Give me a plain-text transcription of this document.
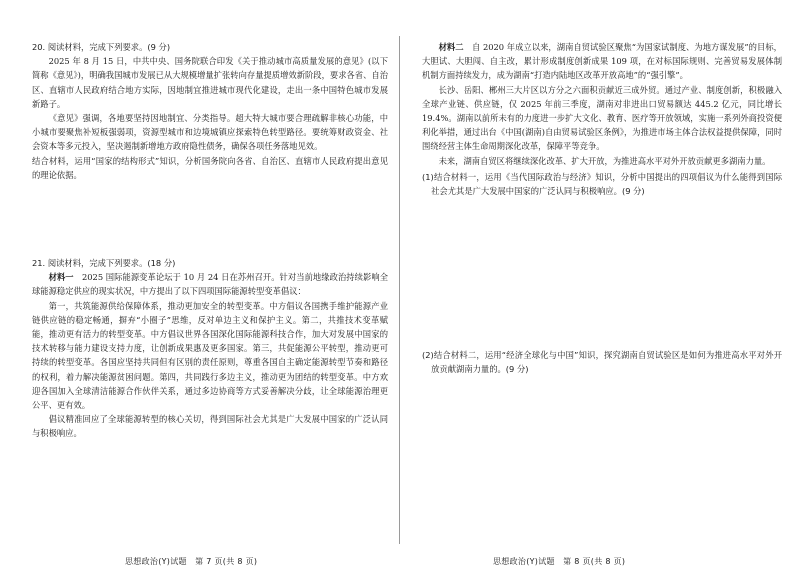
20. 阅读材料，完成下列要求。(9 分)

2025 年 8 月 15 日，中共中央、国务院联合印发《关于推动城市高质量发展的意见》(以下简称《意见》)，明确我国城市发展已从大规模增量扩张转向存量提质增效新阶段，要求各省、自治区、直辖市人民政府结合地方实际，因地制宜推进城市现代化建设，走出一条中国特色城市发展新路子。

《意见》强调，各地要坚持因地制宜、分类指导。超大特大城市要合理疏解非核心功能，中小城市要聚焦补短板强弱项，资源型城市和边境城镇应探索特色转型路径。要统筹财政资金、社会资本等多元投入，坚决遏制新增地方政府隐性债务，确保各项任务落地见效。

结合材料，运用“国家的结构形式”知识，分析国务院向各省、自治区、直辖市人民政府提出意见的理论依据。

21. 阅读材料，完成下列要求。(18 分)

材料一　 2025 国际能源变革论坛于 10 月 24 日在苏州召开。针对当前地缘政治持续影响全球能源稳定供应的现实状况，中方提出了以下四项国际能源转型变革倡议：

第一，共筑能源供给保障体系，推动更加安全的转型变革。中方倡议各国携手维护能源产业链供应链的稳定畅通，摒弃“小圈子”思维，反对单边主义和保护主义。第二，共推技术变革赋能，推动更有活力的转型变革。中方倡议世界各国深化国际能源科技合作，加大对发展中国家的技术转移与能力建设支持力度，让创新成果惠及更多国家。第三，共促能源公平转型，推动更可持续的转型变革。各国应坚持共同但有区别的责任原则，尊重各国自主确定能源转型节奏和路径的权利，着力解决能源贫困问题。第四，共同践行多边主义，推动更为团结的转型变革。中方欢迎各国加入全球清洁能源合作伙伴关系，通过多边协商等方式妥善解决分歧，让全球能源治理更公平、更有效。

倡议精准回应了全球能源转型的核心关切，得到国际社会尤其是广大发展中国家的广泛认同与积极响应。

材料二　 自 2020 年成立以来，湖南自贸试验区聚焦“为国家试制度、为地方谋发展”的目标，大胆试、大胆闯、自主改，累计形成制度创新成果 109 项，在对标国际规则、完善贸易发展体制机制方面持续发力，成为湖南“打造内陆地区改革开放高地”的“强引擎”。

长沙、岳阳、郴州三大片区以方分之六面积贡献近三成外贸。通过产业、制度创新，积极融入全球产业链、供应链，仅 2025 年前三季度，湖南对非进出口贸易额达 445.2 亿元，同比增长 19.4%。湖南以前所未有的力度进一步扩大文化、教育、医疗等开放领域，实施一系列外商投资便利化举措，通过出台《中国(湖南)自由贸易试验区条例》，为推进市场主体合法权益提供保障，同时围绕经营主体生命周期深化改革，保障平等竞争。

未来，湖南自贸区将继续深化改革、扩大开放，为推进高水平对外开放贡献更多湖南力量。

(1)结合材料一，运用《当代国际政治与经济》知识，分析中国提出的四项倡议为什么能得到国际社会尤其是广大发展中国家的广泛认同与积极响应。(9 分)

(2)结合材料二，运用“经济全球化与中国”知识，探究湖南自贸试验区是如何为推进高水平对外开放贡献湖南力量的。(9 分)

思想政治(Y)试题　第 7 页(共 8 页)	思想政治(Y)试题　第 8 页(共 8 页)
